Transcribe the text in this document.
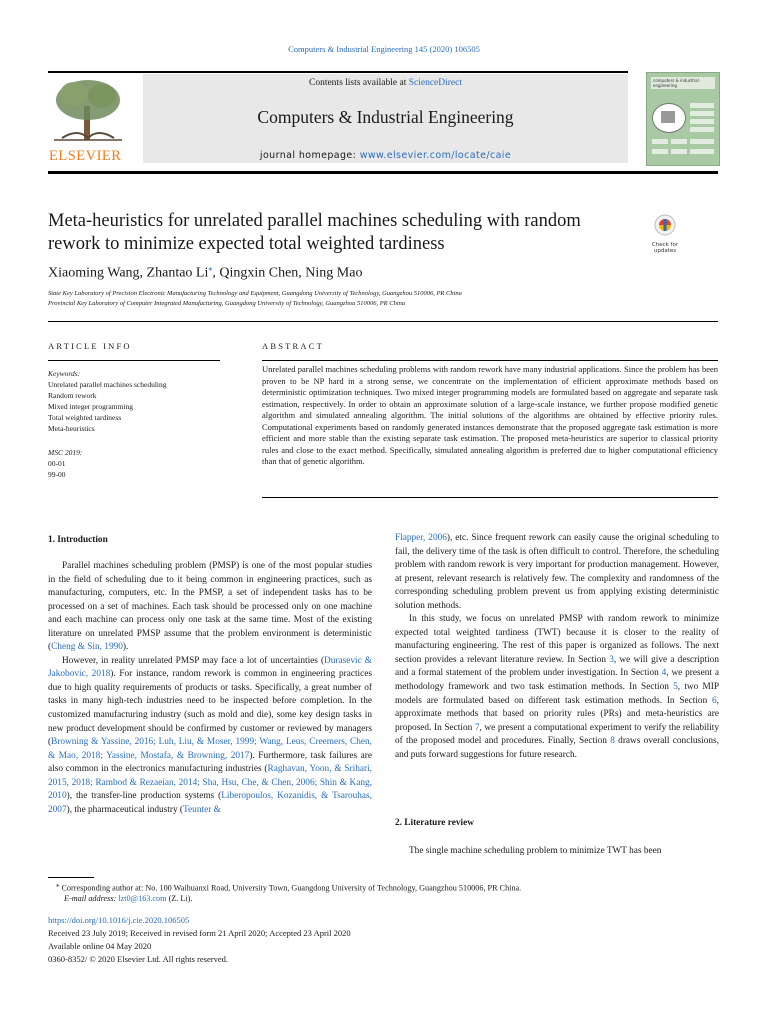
Computers & Industrial Engineering 145 (2020) 106505
ELSEVIER
Contents lists available at ScienceDirect
Computers & Industrial Engineering
journal homepage: www.elsevier.com/locate/caie
computers & industrial engineering
Meta-heuristics for unrelated parallel machines scheduling with random rework to minimize expected total weighted tardiness	Check for
updates
Xiaoming Wang, Zhantao Li⁎, Qingxin Chen, Ning Mao
State Key Laboratory of Precision Electronic Manufacturing Technology and Equipment, Guangdong University of Technology, Guangzhou 510006, PR China
Provincial Key Laboratory of Computer Integrated Manufacturing, Guangdong University of Technology, Guangzhou 510006, PR China
ARTICLE INFO
Keywords:
Unrelated parallel machines scheduling
Random rework
Mixed integer programming
Total weighted tardiness
Meta-heuristics
MSC 2019:
00-01
99-00
ABSTRACT
Unrelated parallel machines scheduling problems with random rework have many industrial applications. Since the problem has been proven to be NP hard in a strong sense, we concentrate on the implementation of efficient approximate methods based on deterministic optimization techniques. Two mixed integer programming models are formulated based on aggregate and separate task estimation, respectively. In order to obtain an approximate solution of a large-scale instance, we further propose modified genetic algorithm and simulated annealing algorithm. The initial solutions of the algorithms are obtained by effective priority rules. Computational experiments based on randomly generated instances demonstrate that the proposed aggregate task estimation is more efficient and more stable than the existing separate task estimation. The proposed meta-heuristics are superior to classical priority rules and close to the exact method. Specifically, simulated annealing algorithm is preferred due to higher computational efficiency than that of genetic algorithm.
1. Introduction

Parallel machines scheduling problem (PMSP) is one of the most popular studies in the field of scheduling due to it being common in engineering practices, such as manufacturing, computers, etc. In the PMSP, a set of independent tasks has to be processed on a set of machines. Each task should be processed only on one machine and each machine can process only one task at the same time. Most of the existing literature on unrelated PMSP assume that the problem environment is deterministic (Cheng & Sin, 1990).

However, in reality unrelated PMSP may face a lot of uncertainties (Durasevic & Jakobovic, 2018). For instance, random rework is common in engineering practices due to high quality requirements of products or tasks. Specifically, a great number of tasks in many high-tech industries need to be inspected before completion. In the customized manufacturing industry (such as mold and die), some key design tasks in new product development should be confirmed by customer or reviewed by managers (Browning & Yassine, 2016; Luh, Liu, & Moser, 1999; Wang, Leus, Creemers, Chen, & Mao, 2018; Yassine, Mostafa, & Browning, 2017). Furthermore, task failures are also common in the electronics manufacturing industries (Raghavan, Yoon, & Srihari, 2015, 2018; Rambod & Rezaeian, 2014; Sha, Hsu, Che, & Chen, 2006; Shin & Kang, 2010), the transfer-line production systems (Liberopoulos, Kozanidis, & Tsarouhas, 2007), the pharmaceutical industry (Teunter &

Flapper, 2006), etc. Since frequent rework can easily cause the original scheduling to fail, the delivery time of the task is often difficult to control. Therefore, the scheduling problem with random rework is very important for production management. However, at present, relevant research is relatively few. The complexity and randomness of the corresponding scheduling problem prevent us from applying existing deterministic solution methods.

In this study, we focus on unrelated PMSP with random rework to minimize expected total weighted tardiness (TWT) because it is closer to the reality of manufacturing engineering. The rest of this paper is organized as follows. The next section provides a relevant literature review. In Section 3, we will give a description and a formal statement of the problem under investigation. In Section 4, we present a methodology framework and two task estimation methods. In Section 5, two MIP models are formulated based on different task estimation methods. In Section 6, approximate methods that based on priority rules (PRs) and meta-heuristics are proposed. In Section 7, we present a computational experiment to verify the reliability of the proposed model and procedures. Finally, Section 8 draws overall conclusions, and puts forward suggestions for future research.

2. Literature review

The single machine scheduling problem to minimize TWT has been

⁎ Corresponding author at: No. 100 Waihuanxi Road, University Town, Guangdong University of Technology, Guangzhou 510006, PR China.
E-mail address: lzt0@163.com (Z. Li).
https://doi.org/10.1016/j.cie.2020.106505
Received 23 July 2019; Received in revised form 21 April 2020; Accepted 23 April 2020
Available online 04 May 2020
0360-8352/ © 2020 Elsevier Ltd. All rights reserved.
